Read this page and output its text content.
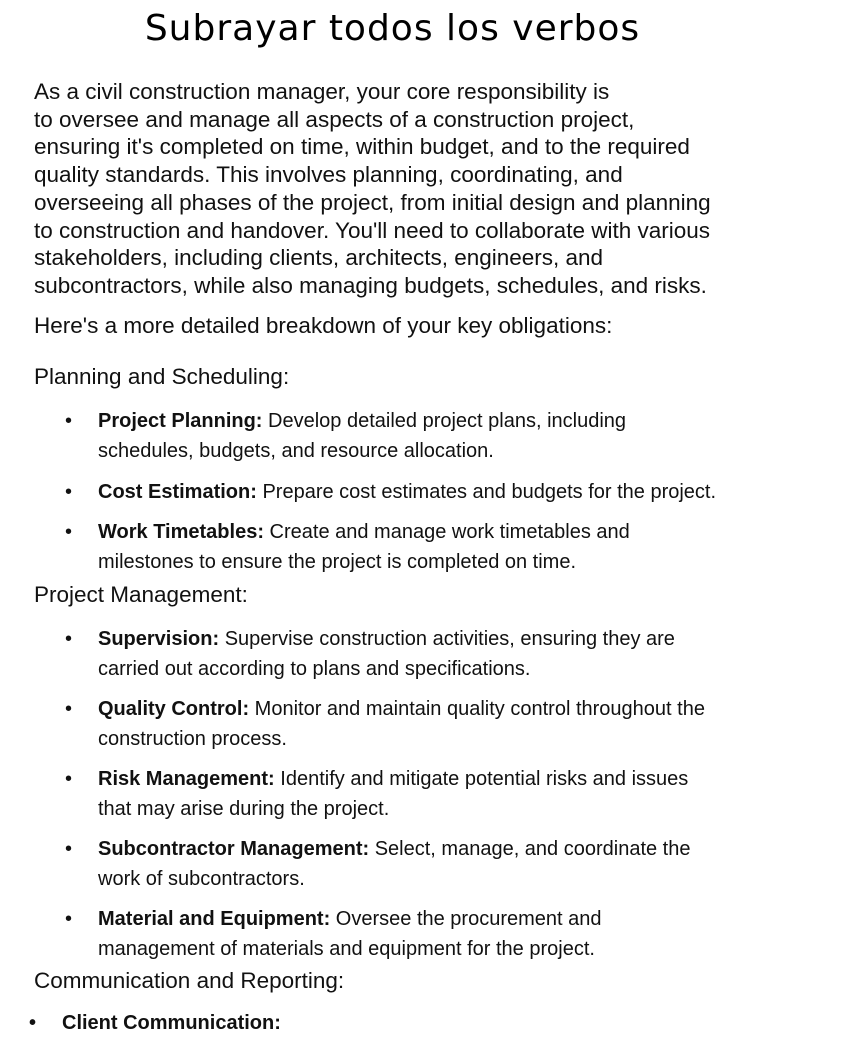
Subrayar todos los verbos
As a civil construction manager, your core responsibility is
to oversee and manage all aspects of a construction project,
ensuring it's completed on time, within budget, and to the required
quality standards. This involves planning, coordinating, and
overseeing all phases of the project, from initial design and planning
to construction and handover. You'll need to collaborate with various
stakeholders, including clients, architects, engineers, and
subcontractors, while also managing budgets, schedules, and risks.
Here's a more detailed breakdown of your key obligations:
Planning and Scheduling:
• Project Planning: Develop detailed project plans, including
schedules, budgets, and resource allocation.
• Cost Estimation: Prepare cost estimates and budgets for the project.
• Work Timetables: Create and manage work timetables and
milestones to ensure the project is completed on time.
Project Management:
• Supervision: Supervise construction activities, ensuring they are
carried out according to plans and specifications.
• Quality Control: Monitor and maintain quality control throughout the
construction process.
• Risk Management: Identify and mitigate potential risks and issues
that may arise during the project.
• Subcontractor Management: Select, manage, and coordinate the
work of subcontractors.
• Material and Equipment: Oversee the procurement and
management of materials and equipment for the project.
Communication and Reporting:
• Client Communication:
